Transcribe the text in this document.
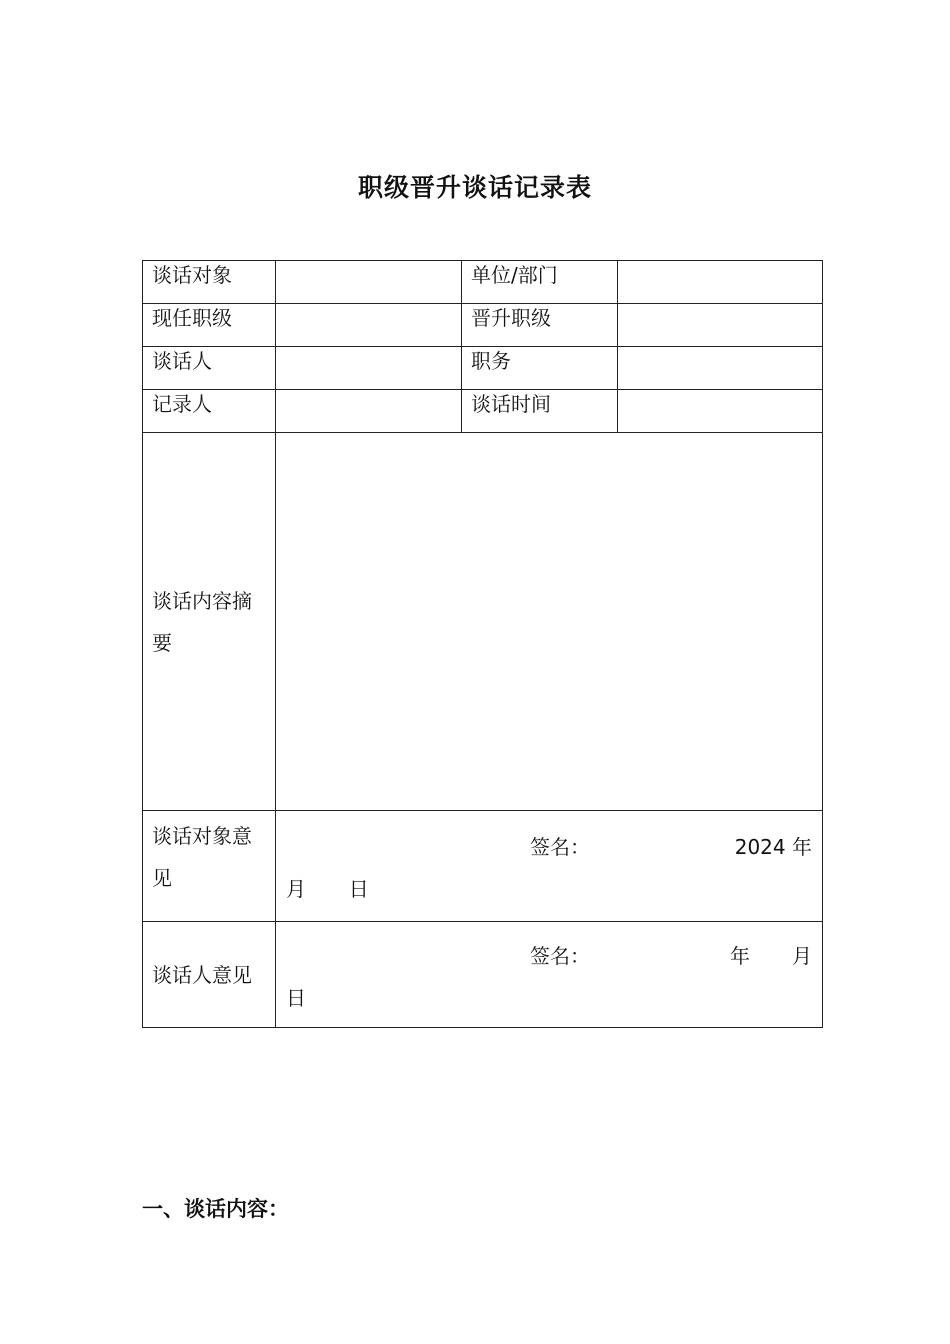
职级晋升谈话记录表
谈话对象		单位/部门	
现任职级		晋升职级	
谈话人		职务	
记录人		谈话时间	
谈话内容摘要			
谈话对象意见	签名： 2024 年
月 日		

谈话人意见	签名： 年 月
日		
一、谈话内容：
